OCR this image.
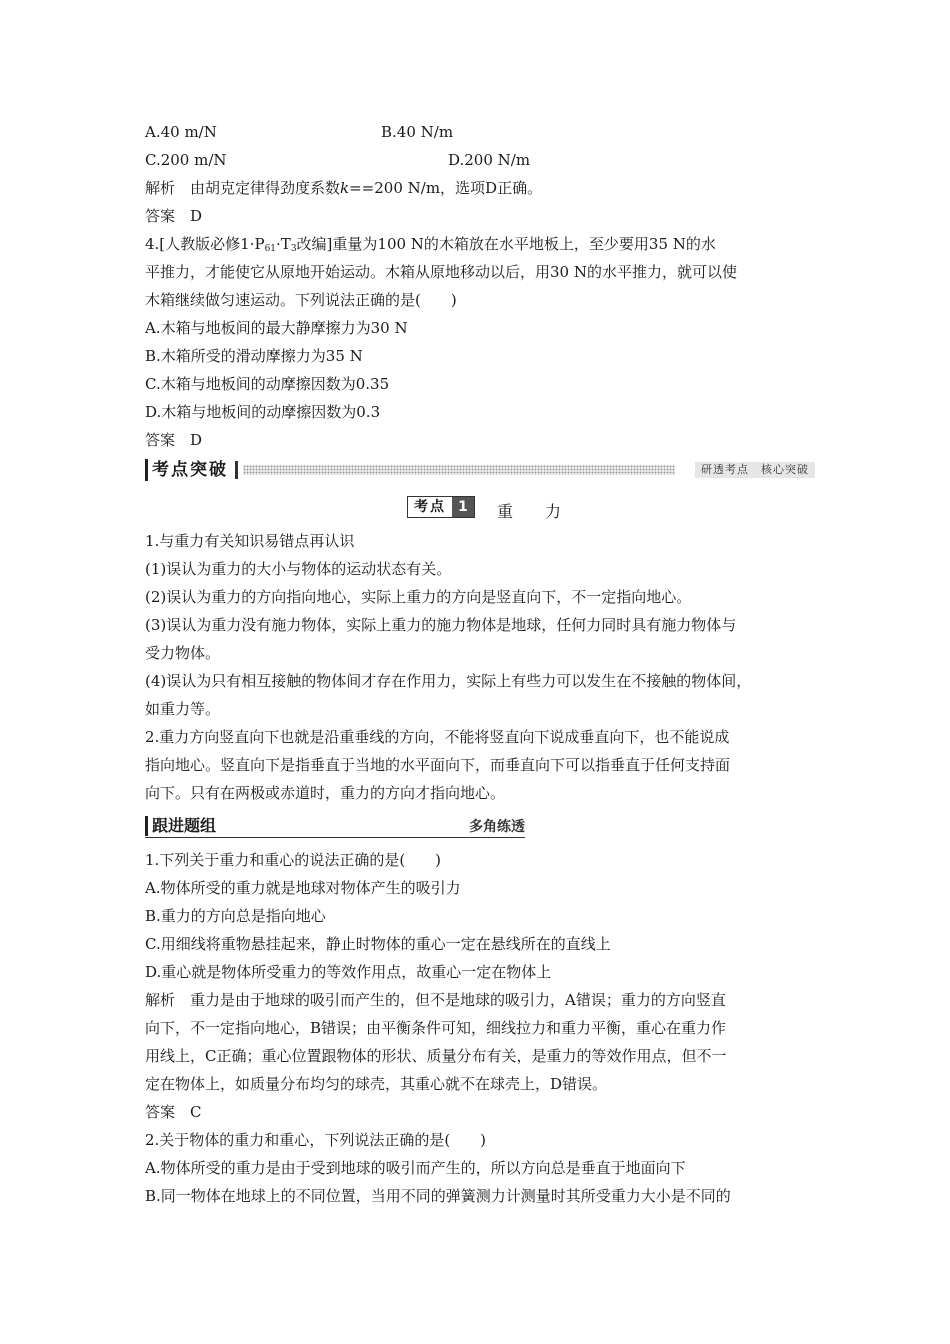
A.40 m/N	B.40 N/m
C.200 m/N	D.200 N/m
解析　由胡克定律得劲度系数k==200 N/m，选项D正确。
答案　D
4.[人教版必修$1\cdot P_{61}\cdot T_3$改编]重量为100 N的木箱放在水平地板上，至少要用35 N的水
平推力，才能使它从原地开始运动。木箱从原地移动以后，用30 N的水平推力，就可以使
木箱继续做匀速运动。下列说法正确的是(　　)
A.木箱与地板间的最大静摩擦力为30 N
B.木箱所受的滑动摩擦力为35 N
C.木箱与地板间的动摩擦因数为0.35
D.木箱与地板间的动摩擦因数为0.3
答案　D
考点突破	研透考点　核心突破
考点 1	重　力
1.与重力有关知识易错点再认识
(1)误认为重力的大小与物体的运动状态有关。
(2)误认为重力的方向指向地心，实际上重力的方向是竖直向下，不一定指向地心。
(3)误认为重力没有施力物体，实际上重力的施力物体是地球，任何力同时具有施力物体与
受力物体。
(4)误认为只有相互接触的物体间才存在作用力，实际上有些力可以发生在不接触的物体间，
如重力等。
2.重力方向竖直向下也就是沿重垂线的方向，不能将竖直向下说成垂直向下，也不能说成
指向地心。竖直向下是指垂直于当地的水平面向下，而垂直向下可以指垂直于任何支持面
向下。只有在两极或赤道时，重力的方向才指向地心。
跟进题组	多角练透
1.下列关于重力和重心的说法正确的是(　　)
A.物体所受的重力就是地球对物体产生的吸引力
B.重力的方向总是指向地心
C.用细线将重物悬挂起来，静止时物体的重心一定在悬线所在的直线上
D.重心就是物体所受重力的等效作用点，故重心一定在物体上
解析　重力是由于地球的吸引而产生的，但不是地球的吸引力，A错误；重力的方向竖直
向下，不一定指向地心，B错误；由平衡条件可知，细线拉力和重力平衡，重心在重力作
用线上，C正确；重心位置跟物体的形状、质量分布有关，是重力的等效作用点，但不一
定在物体上，如质量分布均匀的球壳，其重心就不在球壳上，D错误。
答案　C
2.关于物体的重力和重心，下列说法正确的是(　　)
A.物体所受的重力是由于受到地球的吸引而产生的，所以方向总是垂直于地面向下
B.同一物体在地球上的不同位置，当用不同的弹簧测力计测量时其所受重力大小是不同的
